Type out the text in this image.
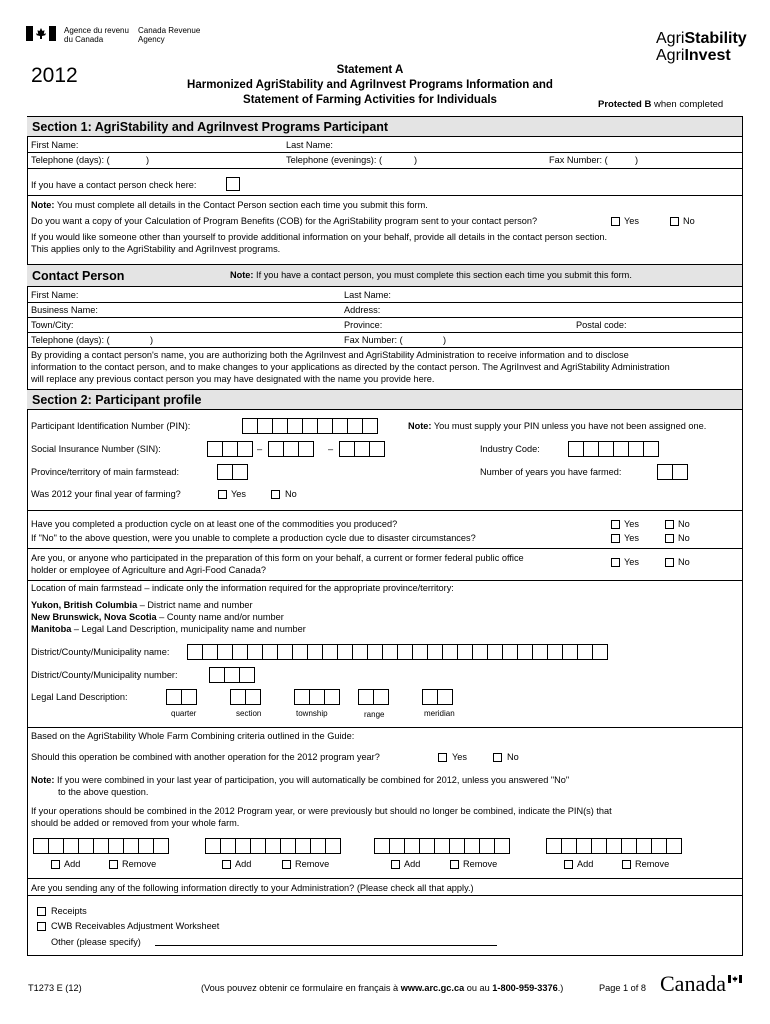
Agence du revenu
du Canada
Canada Revenue
Agency
2012	Statement A
Harmonized AgriStability and AgriInvest Programs Information and
Statement of Farming Activities for Individuals
AgriStability
AgriInvest
Protected B when completed
Section 1: AgriStability and AgriInvest Programs Participant
First Name:	Last Name:
Telephone (days): (	)	Telephone (evenings): (	)	Fax Number: (	)
If you have a contact person check here:
Note: You must complete all details in the Contact Person section each time you submit this form.
Do you want a copy of your Calculation of Program Benefits (COB) for the AgriStability program sent to your contact person?	Yes	No
If you would like someone other than yourself to provide additional information on your behalf, provide all details in the contact person section.
This applies only to the AgriStability and AgriInvest programs.
Contact Person	Note: If you have a contact person, you must complete this section each time you submit this form.
First Name:	Last Name:
Business Name:	Address:
Town/City:	Province:	Postal code:
Telephone (days): (	)	Fax Number: (	)
By providing a contact person's name, you are authorizing both the AgriInvest and AgriStability Administration to receive information and to disclose
information to the contact person, and to make changes to your applications as directed by the contact person. The AgriInvest and AgriStability Administration
will replace any previous contact person you may have designated with the name you provide here.
Section 2: Participant profile
Participant Identification Number (PIN):	Note: You must supply your PIN unless you have not been assigned one.
Social Insurance Number (SIN):	–	–	Industry Code:
Province/territory of main farmstead:	Number of years you have farmed:
Was 2012 your final year of farming?	Yes	No
Have you completed a production cycle on at least one of the commodities you produced?	Yes	No
If "No" to the above question, were you unable to complete a production cycle due to disaster circumstances?	Yes	No
Are you, or anyone who participated in the preparation of this form on your behalf, a current or former federal public office
holder or employee of Agriculture and Agri-Food Canada?
Yes	No
Location of main farmstead – indicate only the information required for the appropriate province/territory:
Yukon, British Columbia – District name and number
New Brunswick, Nova Scotia – County name and/or number
Manitoba – Legal Land Description, municipality name and number
District/County/Municipality name:
District/County/Municipality number:
Legal Land Description:
quarter	section	township	range	meridian
Based on the AgriStability Whole Farm Combining criteria outlined in the Guide:
Should this operation be combined with another operation for the 2012 program year?	Yes	No
Note: If you were combined in your last year of participation, you will automatically be combined for 2012, unless you answered "No"
to the above question.
If your operations should be combined in the 2012 Program year, or were previously but should no longer be combined, indicate the PIN(s) that
should be added or removed from your whole farm.
Add	Remove	Add	Remove	Add	Remove	Add	Remove
Are you sending any of the following information directly to your Administration? (Please check all that apply.)
Receipts
CWB Receivables Adjustment Worksheet
Other (please specify)
T1273 E (12)	(Vous pouvez obtenir ce formulaire en français à www.arc.gc.ca ou au 1-800-959-3376.)	Page 1 of 8 Canada
